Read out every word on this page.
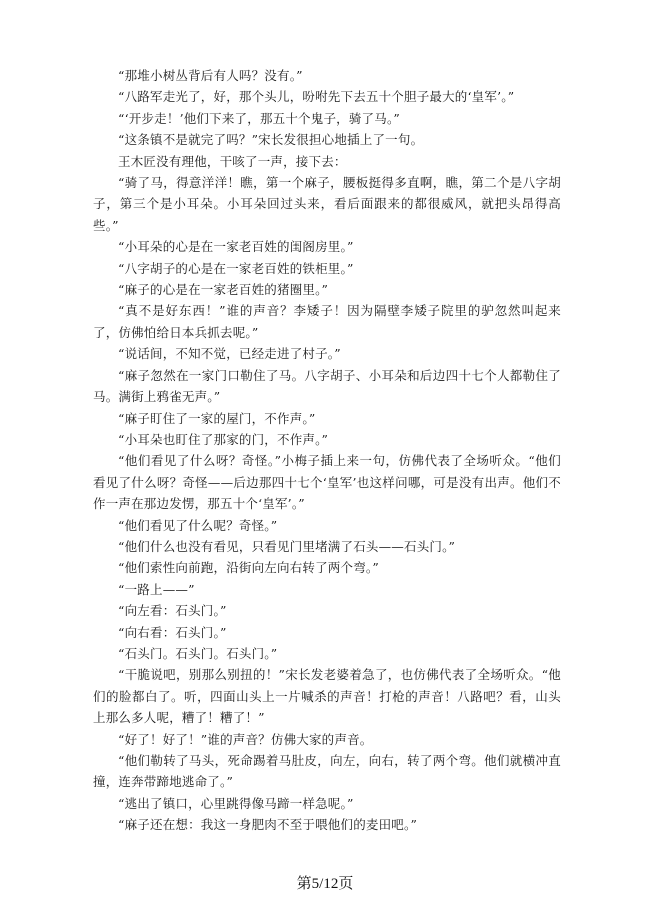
“那堆小树丛背后有人吗？没有。”

“八路军走光了，好，那个头儿，吩咐先下去五十个胆子最大的‘皇军’。”

“‘开步走！’他们下来了，那五十个鬼子，骑了马。”

“这条镇不是就完了吗？”宋长发很担心地插上了一句。

王木匠没有理他，干咳了一声，接下去：

“骑了马，得意洋洋！瞧，第一个麻子，腰板挺得多直啊，瞧，第二个是八字胡子，第三个是小耳朵。小耳朵回过头来，看后面跟来的都很威风，就把头昂得高些。”

“小耳朵的心是在一家老百姓的闺阁房里。”

“八字胡子的心是在一家老百姓的铁柜里。”

“麻子的心是在一家老百姓的猪圈里。”

“真不是好东西！”谁的声音？李矮子！因为隔壁李矮子院里的驴忽然叫起来了，仿佛怕给日本兵抓去呢。”

“说话间，不知不觉，已经走进了村子。”

“麻子忽然在一家门口勒住了马。八字胡子、小耳朵和后边四十七个人都勒住了马。满街上鸦雀无声。”

“麻子盯住了一家的屋门，不作声。”

“小耳朵也盯住了那家的门，不作声。”

“他们看见了什么呀？奇怪。”小梅子插上来一句，仿佛代表了全场听众。“他们看见了什么呀？奇怪——后边那四十七个‘皇军’也这样问哪，可是没有出声。他们不作一声在那边发愣，那五十个‘皇军’。”

“他们看见了什么呢？奇怪。”

“他们什么也没有看见，只看见门里堵满了石头——石头门。”

“他们索性向前跑，沿街向左向右转了两个弯。”

“一路上——”

“向左看：石头门。”

“向右看：石头门。”

“石头门。石头门。石头门。”

“干脆说吧，别那么别扭的！”宋长发老婆着急了，也仿佛代表了全场听众。“他们的脸都白了。听，四面山头上一片喊杀的声音！打枪的声音！八路吧？看，山头上那么多人呢，糟了！糟了！”

“好了！好了！”谁的声音？仿佛大家的声音。

“他们勒转了马头，死命踢着马肚皮，向左，向右，转了两个弯。他们就横冲直撞，连奔带蹄地逃命了。”

“逃出了镇口，心里跳得像马蹄一样急呢。”

“麻子还在想：我这一身肥肉不至于喂他们的麦田吧。”

第5/12页
